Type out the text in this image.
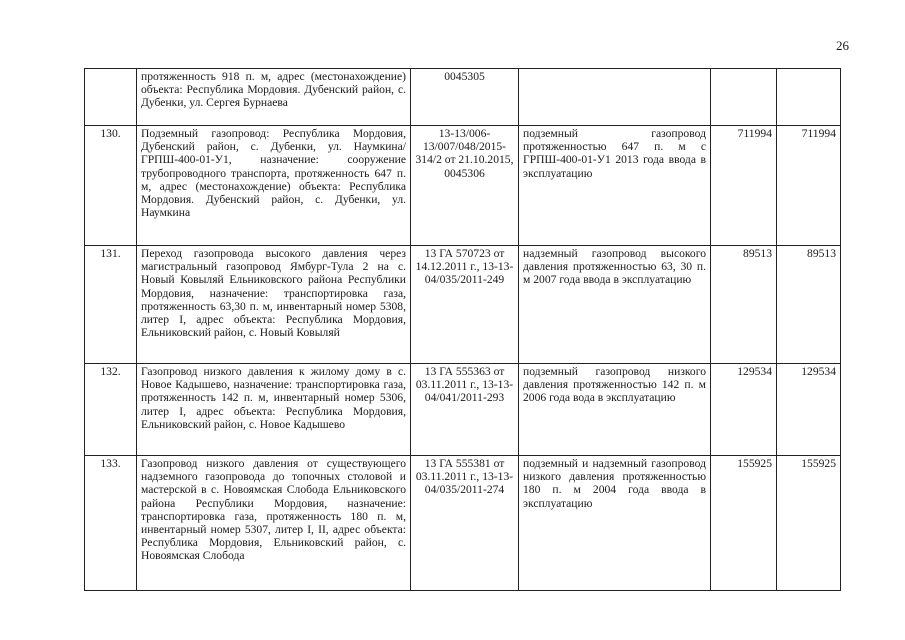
26
	протяженность 918 п. м, адрес (местонахождение) объекта: Республика Мордовия. Дубенский район, с. Дубенки, ул. Сергея Бурнаева	0045305			
130.	Подземный газопровод: Республика Мордовия, Дубенский район, с. Дубенки, ул. Наумкина/ГРПШ-400-01-У1, назначение: сооружение трубопроводного транспорта, протяженность 647 п. м, адрес (местонахождение) объекта: Республика Мордовия. Дубенский район, с. Дубенки, ул. Наумкина	13-13/006-13/007/048/2015-314/2 от 21.10.2015, 0045306	подземный газопровод протяженностью 647 п. м с ГРПШ-400-01-У1 2013 года ввода в эксплуатацию	711994	711994
131.	Переход газопровода высокого давления через магистральный газопровод Ямбург-Тула 2 на с. Новый Ковыляй Ельниковского района Республики Мордовия, назначение: транспортировка газа, протяженность 63,30 п. м, инвентарный номер 5308, литер I, адрес объекта: Республика Мордовия, Ельниковский район, с. Новый Ковыляй	13 ГА 570723 от 14.12.2011 г., 13-13-04/035/2011-249	надземный газопровод высокого давления протяженностью 63, 30 п. м 2007 года ввода в эксплуатацию	89513	89513
132.	Газопровод низкого давления к жилому дому в с. Новое Кадышево, назначение: транспортировка газа, протяженность 142 п. м, инвентарный номер 5306, литер I, адрес объекта: Республика Мордовия, Ельниковский район, с. Новое Кадышево	13 ГА 555363 от 03.11.2011 г., 13-13-04/041/2011-293	подземный газопровод низкого давления протяженностью 142 п. м 2006 года вода в эксплуатацию	129534	129534
133.	Газопровод низкого давления от существующего надземного газопровода до топочных столовой и мастерской в с. Новоямская Слобода Ельниковского района Республики Мордовия, назначение: транспортировка газа, протяженность 180 п. м, инвентарный номер 5307, литер I, II, адрес объекта: Республика Мордовия, Ельниковский район, с. Новоямская Слобода	13 ГА 555381 от 03.11.2011 г., 13-13-04/035/2011-274	подземный и надземный газопровод низкого давления протяженностью 180 п. м 2004 года ввода в эксплуатацию	155925	155925
